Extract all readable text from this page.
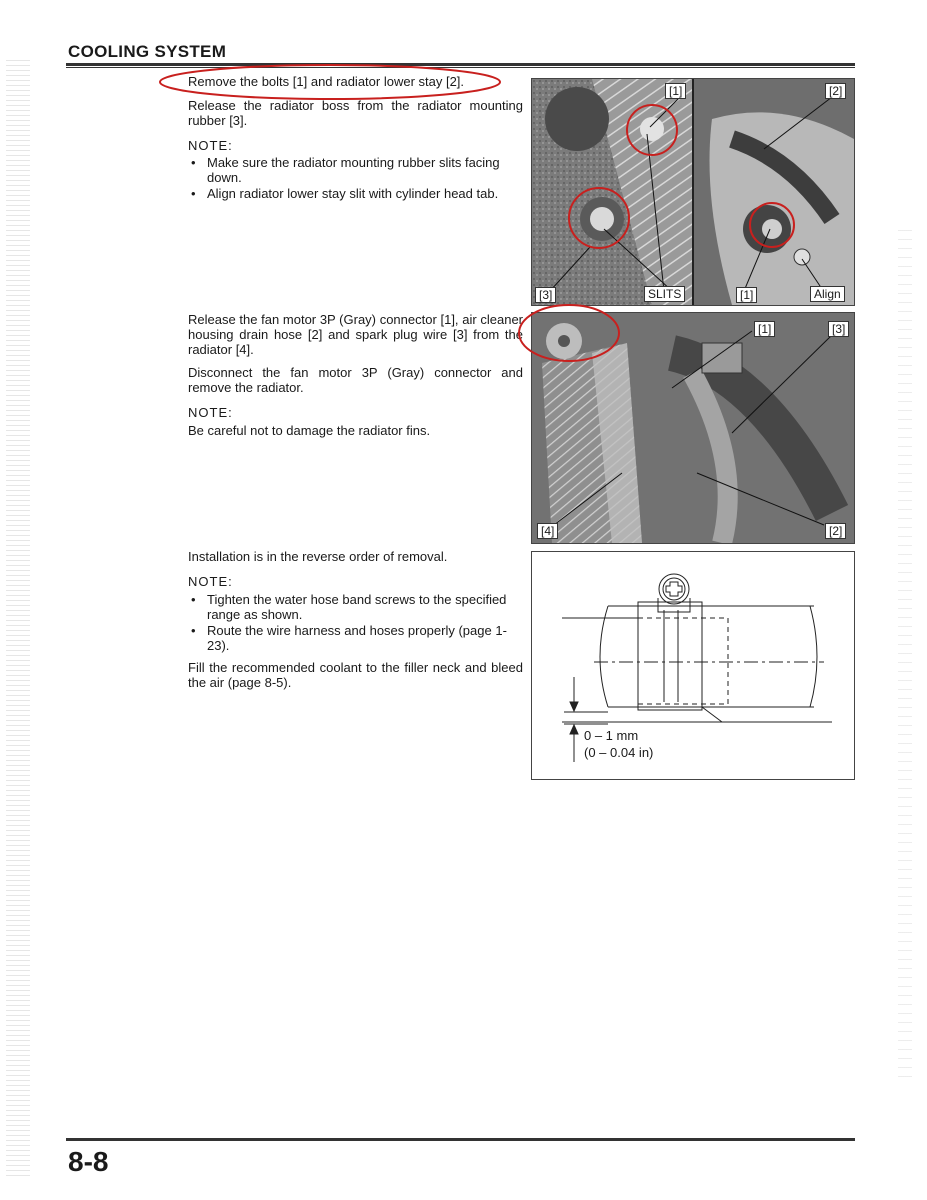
COOLING SYSTEM
Remove the bolts [1] and radiator lower stay [2].
Release the radiator boss from the radiator mounting rubber [3].
NOTE:
• Make sure the radiator mounting rubber slits facing down.
• Align radiator lower stay slit with cylinder head tab.
[1]	[2]
[3]	SLITS	[1]	Align
Release the fan motor 3P (Gray) connector [1], air cleaner housing drain hose [2] and spark plug wire [3] from the radiator [4].
Disconnect the fan motor 3P (Gray) connector and remove the radiator.
NOTE:
Be careful not to damage the radiator fins.
[1]	[3]
[4]	[2]
Installation is in the reverse order of removal.
NOTE:
• Tighten the water hose band screws to the specified range as shown.
• Route the wire harness and hoses properly (page 1-23).
Fill the recommended coolant to the filler neck and bleed the air (page 8-5).
0 – 1 mm
(0 – 0.04 in)
8-8
